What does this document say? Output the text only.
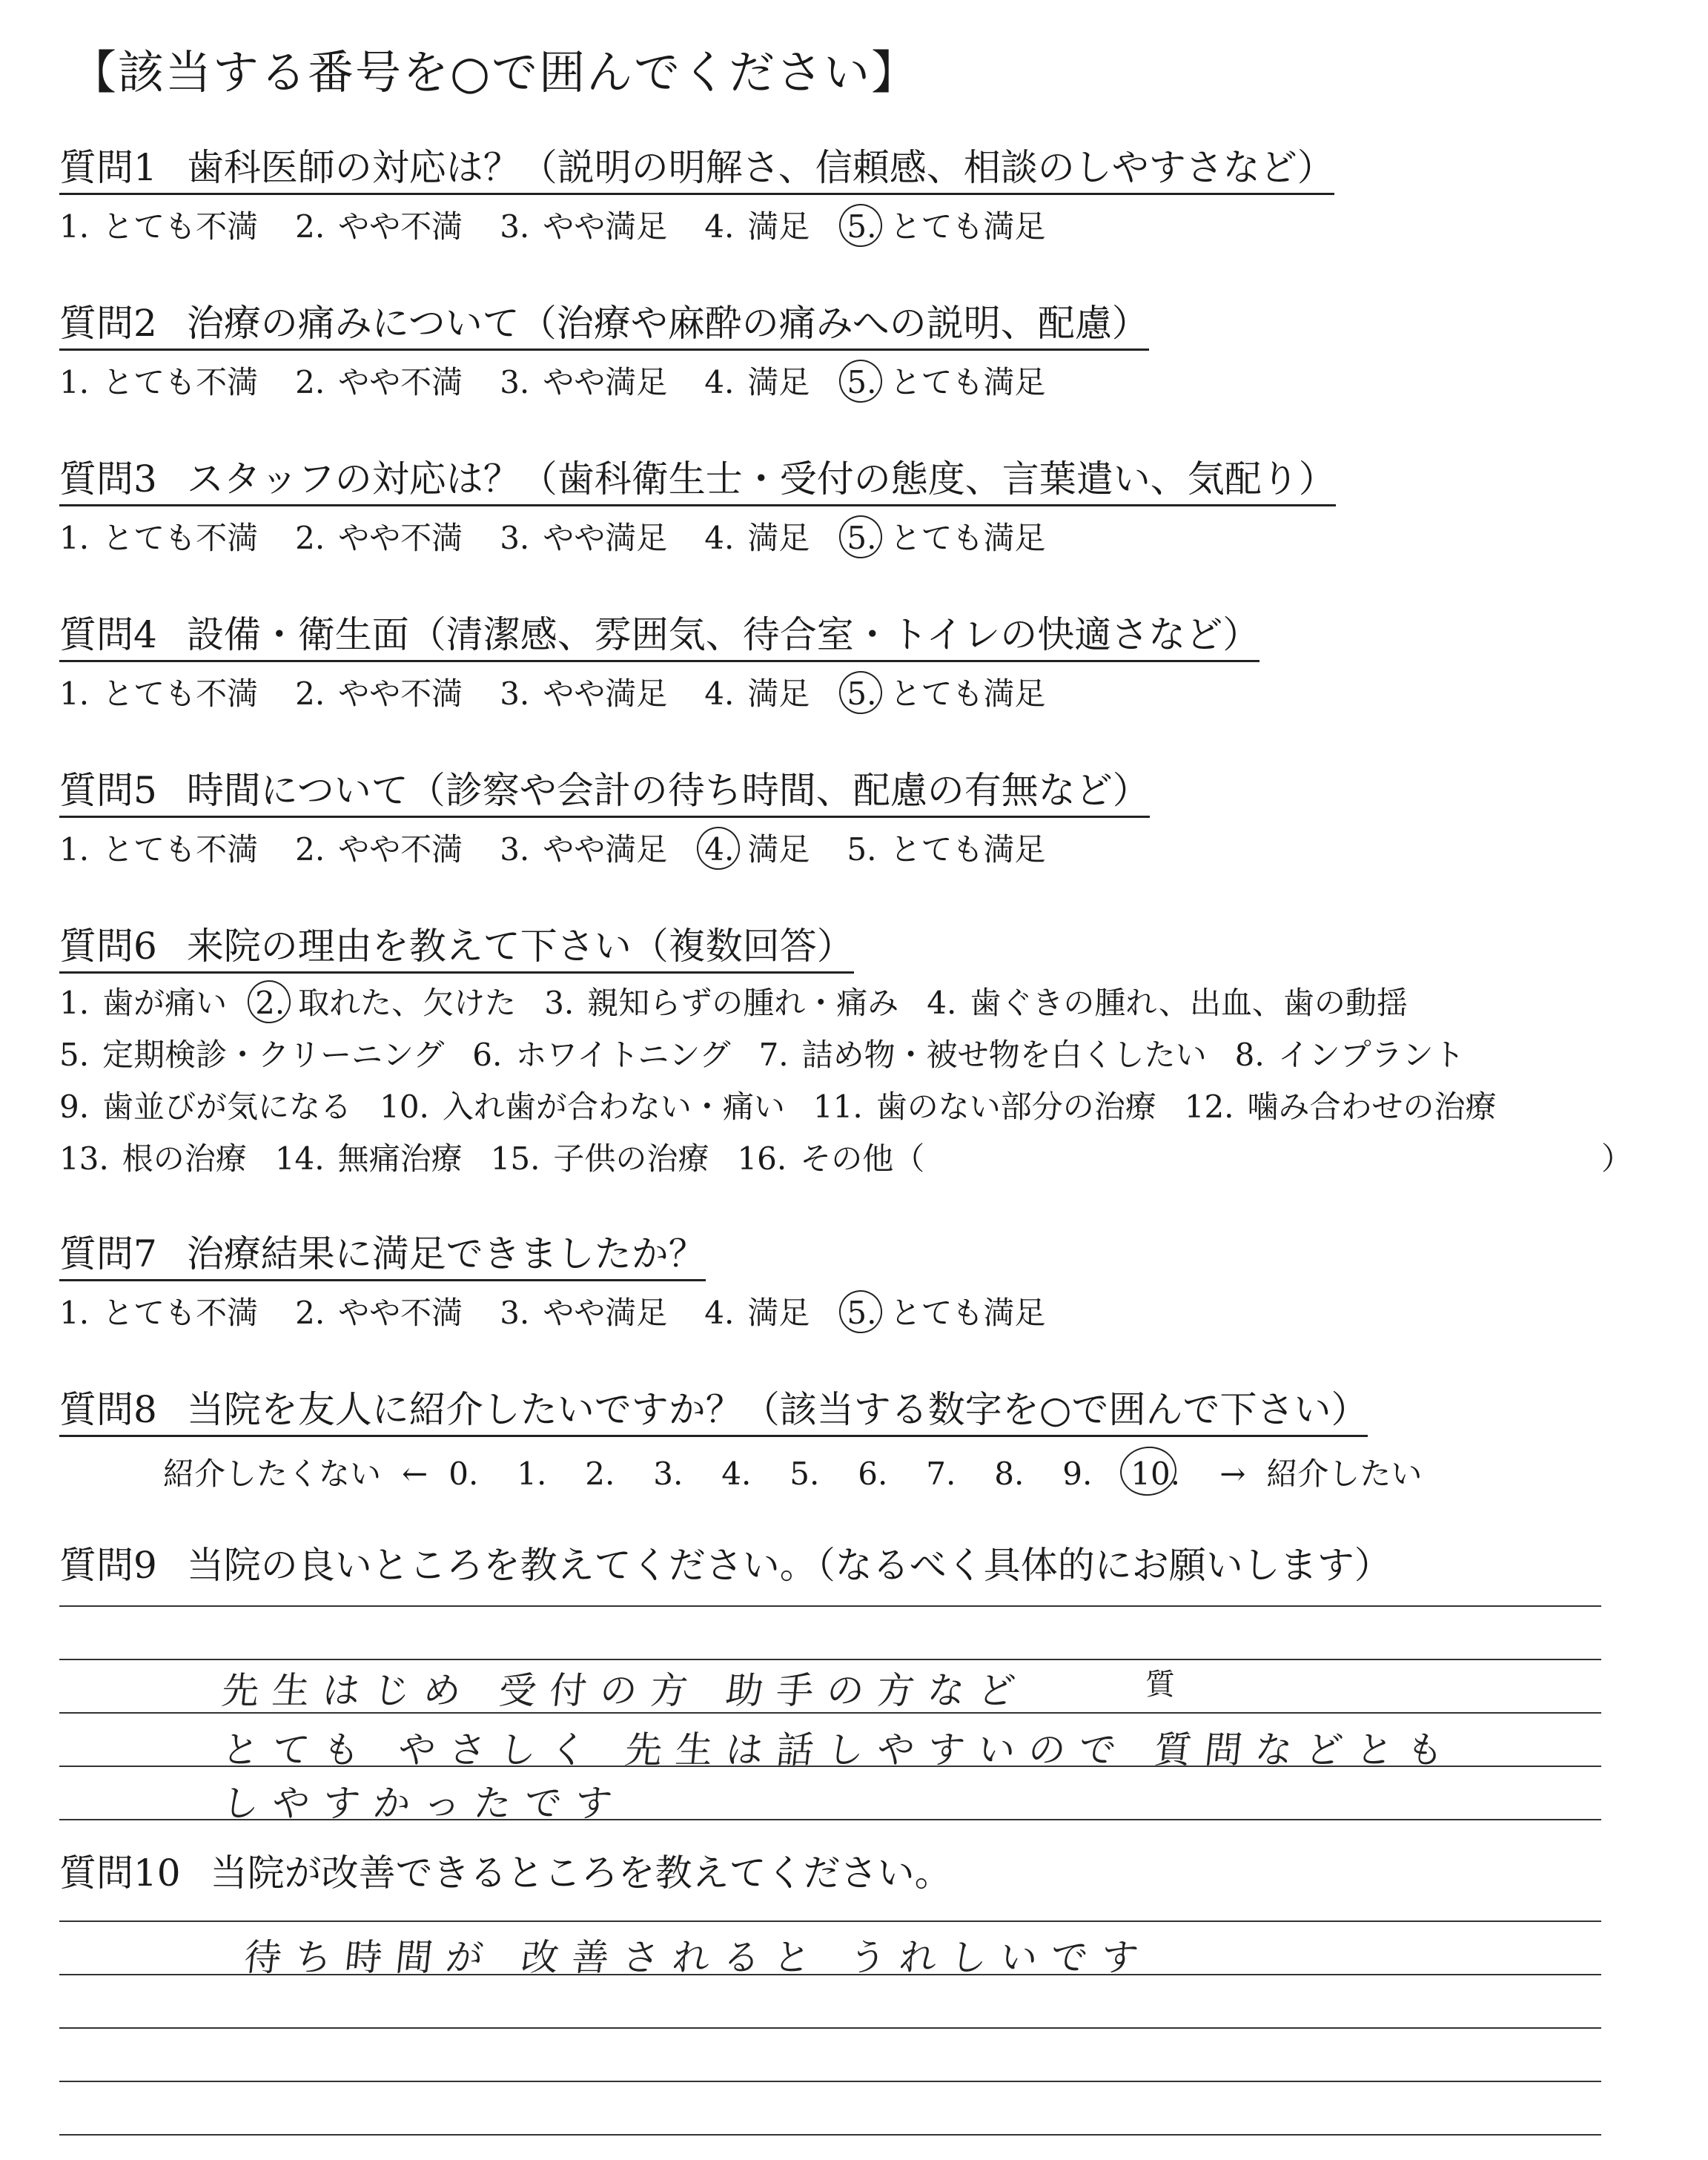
【該当する番号を○で囲んでください】
質問1 歯科医師の対応は？（説明の明解さ、信頼感、相談のしやすさなど）
1. とても不満 2. やや不満 3. やや満足 4. 満足 5. とても満足
質問2 治療の痛みについて（治療や麻酔の痛みへの説明、配慮）
1. とても不満 2. やや不満 3. やや満足 4. 満足 5. とても満足
質問3 スタッフの対応は？（歯科衛生士・受付の態度、言葉遣い、気配り）
1. とても不満 2. やや不満 3. やや満足 4. 満足 5. とても満足
質問4 設備・衛生面（清潔感、雰囲気、待合室・トイレの快適さなど）
1. とても不満 2. やや不満 3. やや満足 4. 満足 5. とても満足
質問5 時間について（診察や会計の待ち時間、配慮の有無など）
1. とても不満 2. やや不満 3. やや満足 4. 満足 5. とても満足
質問6 来院の理由を教えて下さい（複数回答）
1. 歯が痛い 2. 取れた、欠けた 3. 親知らずの腫れ・痛み 4. 歯ぐきの腫れ、出血、歯の動揺
5. 定期検診・クリーニング 6. ホワイトニング 7. 詰め物・被せ物を白くしたい 8. インプラント
9. 歯並びが気になる 10. 入れ歯が合わない・痛い 11. 歯のない部分の治療 12. 噛み合わせの治療
13. 根の治療 14. 無痛治療 15. 子供の治療 16. その他（	）
質問7 治療結果に満足できましたか？
1. とても不満 2. やや不満 3. やや満足 4. 満足 5. とても満足
質問8 当院を友人に紹介したいですか？（該当する数字を○で囲んで下さい）
紹介したくない ← 0. 1. 2. 3. 4. 5. 6. 7. 8. 9. 10. → 紹介したい
質問9 当院の良いところを教えてください。（なるべく具体的にお願いします）
先生はじめ 受付の方 助手の方など	質
とても やさしく 先生は話しやすいので 質問などとも
しやすかったです
質問10 当院が改善できるところを教えてください。
待ち時間が 改善されると うれしいです
